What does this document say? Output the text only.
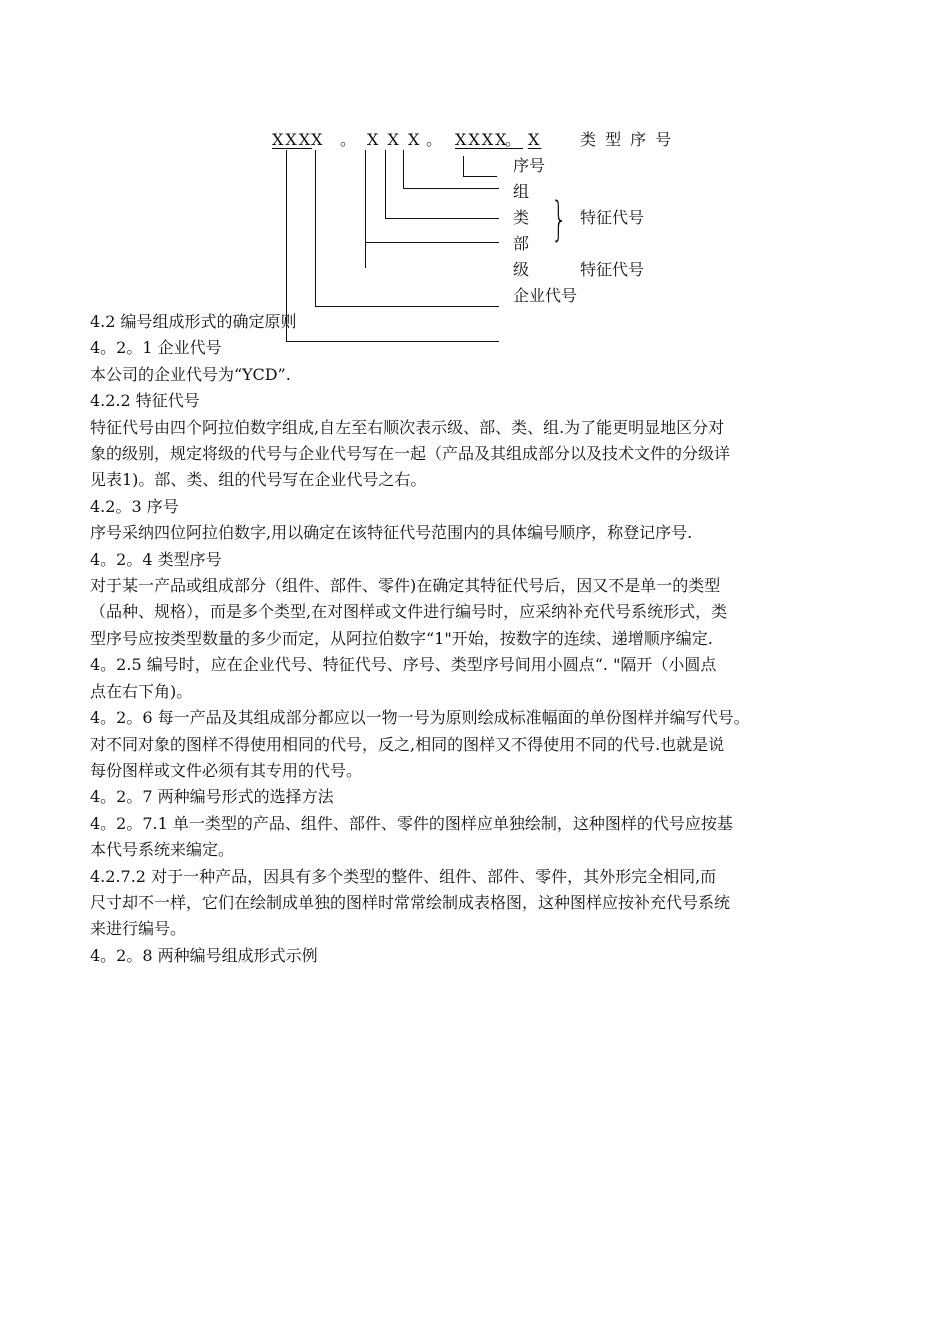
XXX
X 。 X X X 。 XXXX
。 X	类 型 序 号
序号
组
类
部
级
企业代号
} 特征代号
特征代号

4.2 编号组成形式的确定原则

4。2。1 企业代号

本公司的企业代号为“YCD”.

4.2.2 特征代号

特征代号由四个阿拉伯数字组成,自左至右顺次表示级、部、类、组.为了能更明显地区分对

象的级别，规定将级的代号与企业代号写在一起（产品及其组成部分以及技术文件的分级详

见表1)。部、类、组的代号写在企业代号之右。

4.2。3 序号

序号采纳四位阿拉伯数字,用以确定在该特征代号范围内的具体编号顺序，称登记序号.

4。2。4 类型序号

对于某一产品或组成部分（组件、部件、零件)在确定其特征代号后，因又不是单一的类型

（品种、规格），而是多个类型,在对图样或文件进行编号时，应采纳补充代号系统形式，类

型序号应按类型数量的多少而定，从阿拉伯数字“1"开始，按数字的连续、递增顺序编定.

4。2.5 编号时，应在企业代号、特征代号、序号、类型序号间用小圆点“. "隔开（小圆点

点在右下角)。

4。2。6 每一产品及其组成部分都应以一物一号为原则绘成标准幅面的单份图样并编写代号。

对不同对象的图样不得使用相同的代号，反之,相同的图样又不得使用不同的代号.也就是说

每份图样或文件必须有其专用的代号。

4。2。7 两种编号形式的选择方法

4。2。7.1 单一类型的产品、组件、部件、零件的图样应单独绘制，这种图样的代号应按基

本代号系统来编定。

4.2.7.2 对于一种产品，因具有多个类型的整件、组件、部件、零件，其外形完全相同,而

尺寸却不一样，它们在绘制成单独的图样时常常绘制成表格图，这种图样应按补充代号系统

来进行编号。

4。2。8 两种编号组成形式示例
